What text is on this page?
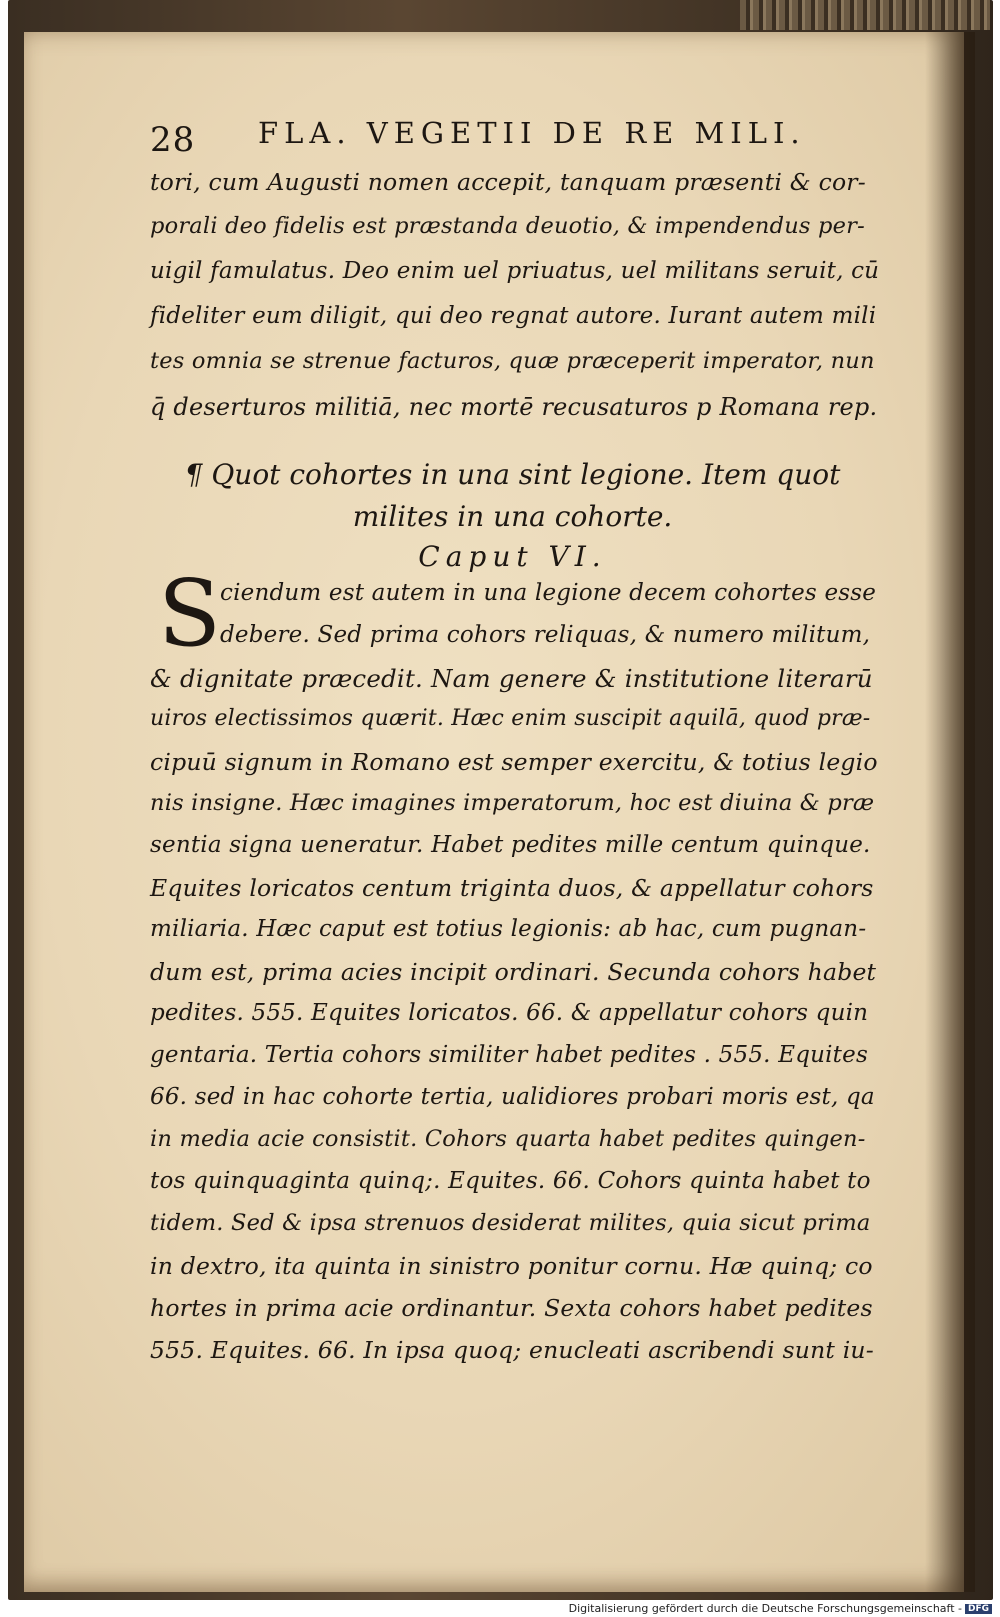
28 FLA. VEGETII DE RE MILI.
tori, cum Augusti nomen accepit, tanquam præsenti & cor-
porali deo fidelis est præstanda deuotio, & impendendus per-
uigil famulatus. Deo enim uel priuatus, uel militans seruit, cū
fideliter eum diligit, qui deo regnat autore. Iurant autem mili
tes omnia se strenue facturos, quæ præceperit imperator, nun
q̄ deserturos militiā, nec mortē recusaturos p Romana rep.
¶ Quot cohortes in una sint legione. Item quot
milites in una cohorte.
Caput VI.
S
ciendum est autem in una legione decem cohortes esse
debere. Sed prima cohors reliquas, & numero militum,
& dignitate præcedit. Nam genere & institutione literarū
uiros electissimos quærit. Hæc enim suscipit aquilā, quod præ-
cipuū signum in Romano est semper exercitu, & totius legio
nis insigne. Hæc imagines imperatorum, hoc est diuina & præ
sentia signa ueneratur. Habet pedites mille centum quinque.
Equites loricatos centum triginta duos, & appellatur cohors
miliaria. Hæc caput est totius legionis: ab hac, cum pugnan-
dum est, prima acies incipit ordinari. Secunda cohors habet
pedites. 555. Equites loricatos. 66. & appellatur cohors quin
gentaria. Tertia cohors similiter habet pedites . 555. Equites
66. sed in hac cohorte tertia, ualidiores probari moris est, qa
in media acie consistit. Cohors quarta habet pedites quingen-
tos quinquaginta quinq;. Equites. 66. Cohors quinta habet to
tidem. Sed & ipsa strenuos desiderat milites, quia sicut prima
in dextro, ita quinta in sinistro ponitur cornu. Hæ quinq; co
hortes in prima acie ordinantur. Sexta cohors habet pedites
555. Equites. 66. In ipsa quoq; enucleati ascribendi sunt iu-
Digitalisierung gefördert durch die Deutsche Forschungsgemeinschaft - DFG
